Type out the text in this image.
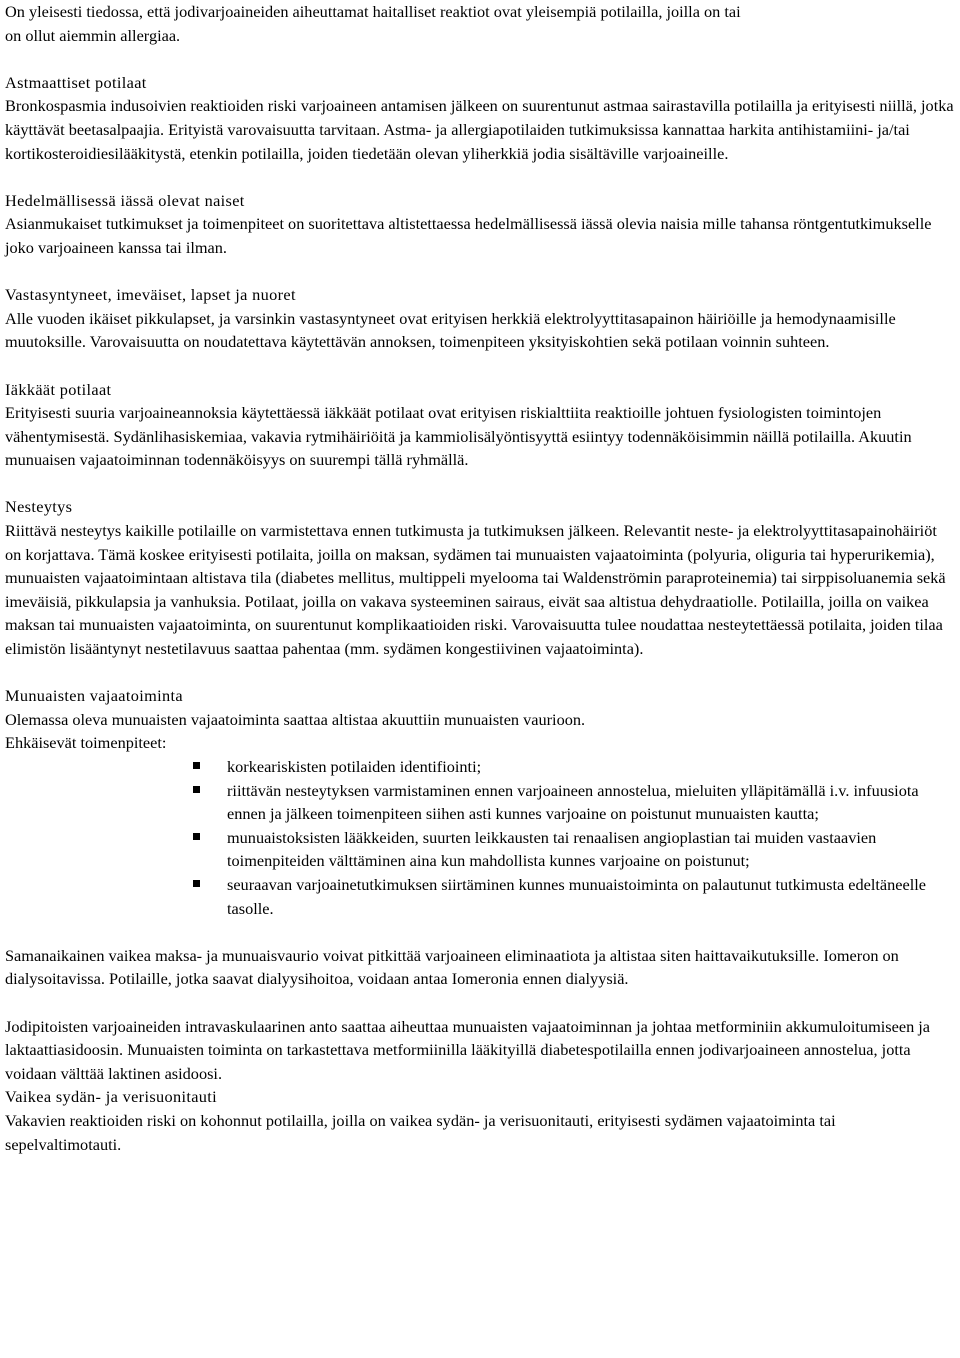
On yleisesti tiedossa, että jodivarjoaineiden aiheuttamat haitalliset reaktiot ovat yleisempiä potilailla, joilla on tai
on ollut aiemmin allergiaa.

Astmaattiset potilaat

Bronkospasmia indusoivien reaktioiden riski varjoaineen antamisen jälkeen on suurentunut astmaa sairastavilla potilailla ja erityisesti niillä, jotka käyttävät beetasalpaajia. Erityistä varovaisuutta tarvitaan. Astma- ja allergiapotilaiden tutkimuksissa kannattaa harkita antihistamiini- ja/tai kortikosteroidiesilääkitystä, etenkin potilailla, joiden tiedetään olevan yliherkkiä jodia sisältäville varjoaineille.

Hedelmällisessä iässä olevat naiset

Asianmukaiset tutkimukset ja toimenpiteet on suoritettava altistettaessa hedelmällisessä iässä olevia naisia mille tahansa röntgentutkimukselle joko varjoaineen kanssa tai ilman.

Vastasyntyneet, imeväiset, lapset ja nuoret

Alle vuoden ikäiset pikkulapset, ja varsinkin vastasyntyneet ovat erityisen herkkiä elektrolyyttitasapainon häiriöille ja hemodynaamisille muutoksille. Varovaisuutta on noudatettava käytettävän annoksen, toimenpiteen yksityiskohtien sekä potilaan voinnin suhteen.

Iäkkäät potilaat

Erityisesti suuria varjoaineannoksia käytettäessä iäkkäät potilaat ovat erityisen riskialttiita reaktioille johtuen fysiologisten toimintojen vähentymisestä. Sydänlihasiskemiaa, vakavia rytmihäiriöitä ja kammiolisälyöntisyyttä esiintyy todennäköisimmin näillä potilailla. Akuutin munuaisen vajaatoiminnan todennäköisyys on suurempi tällä ryhmällä.

Nesteytys

Riittävä nesteytys kaikille potilaille on varmistettava ennen tutkimusta ja tutkimuksen jälkeen. Relevantit neste- ja elektrolyyttitasapainohäiriöt on korjattava. Tämä koskee erityisesti potilaita, joilla on maksan, sydämen tai munuaisten vajaatoiminta (polyuria, oliguria tai hyperurikemia), munuaisten vajaatoimintaan altistava tila (diabetes mellitus, multippeli myelooma tai Waldenströmin paraproteinemia) tai sirppisoluanemia sekä imeväisiä, pikkulapsia ja vanhuksia. Potilaat, joilla on vakava systeeminen sairaus, eivät saa altistua dehydraatiolle. Potilailla, joilla on vaikea maksan tai munuaisten vajaatoiminta, on suurentunut komplikaatioiden riski. Varovaisuutta tulee noudattaa nesteytettäessä potilaita, joiden tilaa elimistön lisääntynyt nestetilavuus saattaa pahentaa (mm. sydämen kongestiivinen vajaatoiminta).

Munuaisten vajaatoiminta

Olemassa oleva munuaisten vajaatoiminta saattaa altistaa akuuttiin munuaisten vaurioon.

Ehkäisevät toimenpiteet:

korkeariskisten potilaiden identifiointi;
riittävän nesteytyksen varmistaminen ennen varjoaineen annostelua, mieluiten ylläpitämällä i.v. infuusiota ennen ja jälkeen toimenpiteen siihen asti kunnes varjoaine on poistunut munuaisten kautta;
munuaistoksisten lääkkeiden, suurten leikkausten tai renaalisen angioplastian tai muiden vastaavien toimenpiteiden välttäminen aina kun mahdollista kunnes varjoaine on poistunut;
seuraavan varjoainetutkimuksen siirtäminen kunnes munuaistoiminta on palautunut tutkimusta edeltäneelle tasolle.

Samanaikainen vaikea maksa- ja munuaisvaurio voivat pitkittää varjoaineen eliminaatiota ja altistaa siten haittavaikutuksille. Iomeron on dialysoitavissa. Potilaille, jotka saavat dialyysihoitoa, voidaan antaa Iomeronia ennen dialyysiä.

Jodipitoisten varjoaineiden intravaskulaarinen anto saattaa aiheuttaa munuaisten vajaatoiminnan ja johtaa metforminiin akkumuloitumiseen ja laktaattiasidoosin. Munuaisten toiminta on tarkastettava metformiinilla lääkityillä diabetespotilailla ennen jodivarjoaineen annostelua, jotta voidaan välttää laktinen asidoosi.

Vaikea sydän- ja verisuonitauti

Vakavien reaktioiden riski on kohonnut potilailla, joilla on vaikea sydän- ja verisuonitauti, erityisesti sydämen vajaatoiminta tai sepelvaltimotauti.
